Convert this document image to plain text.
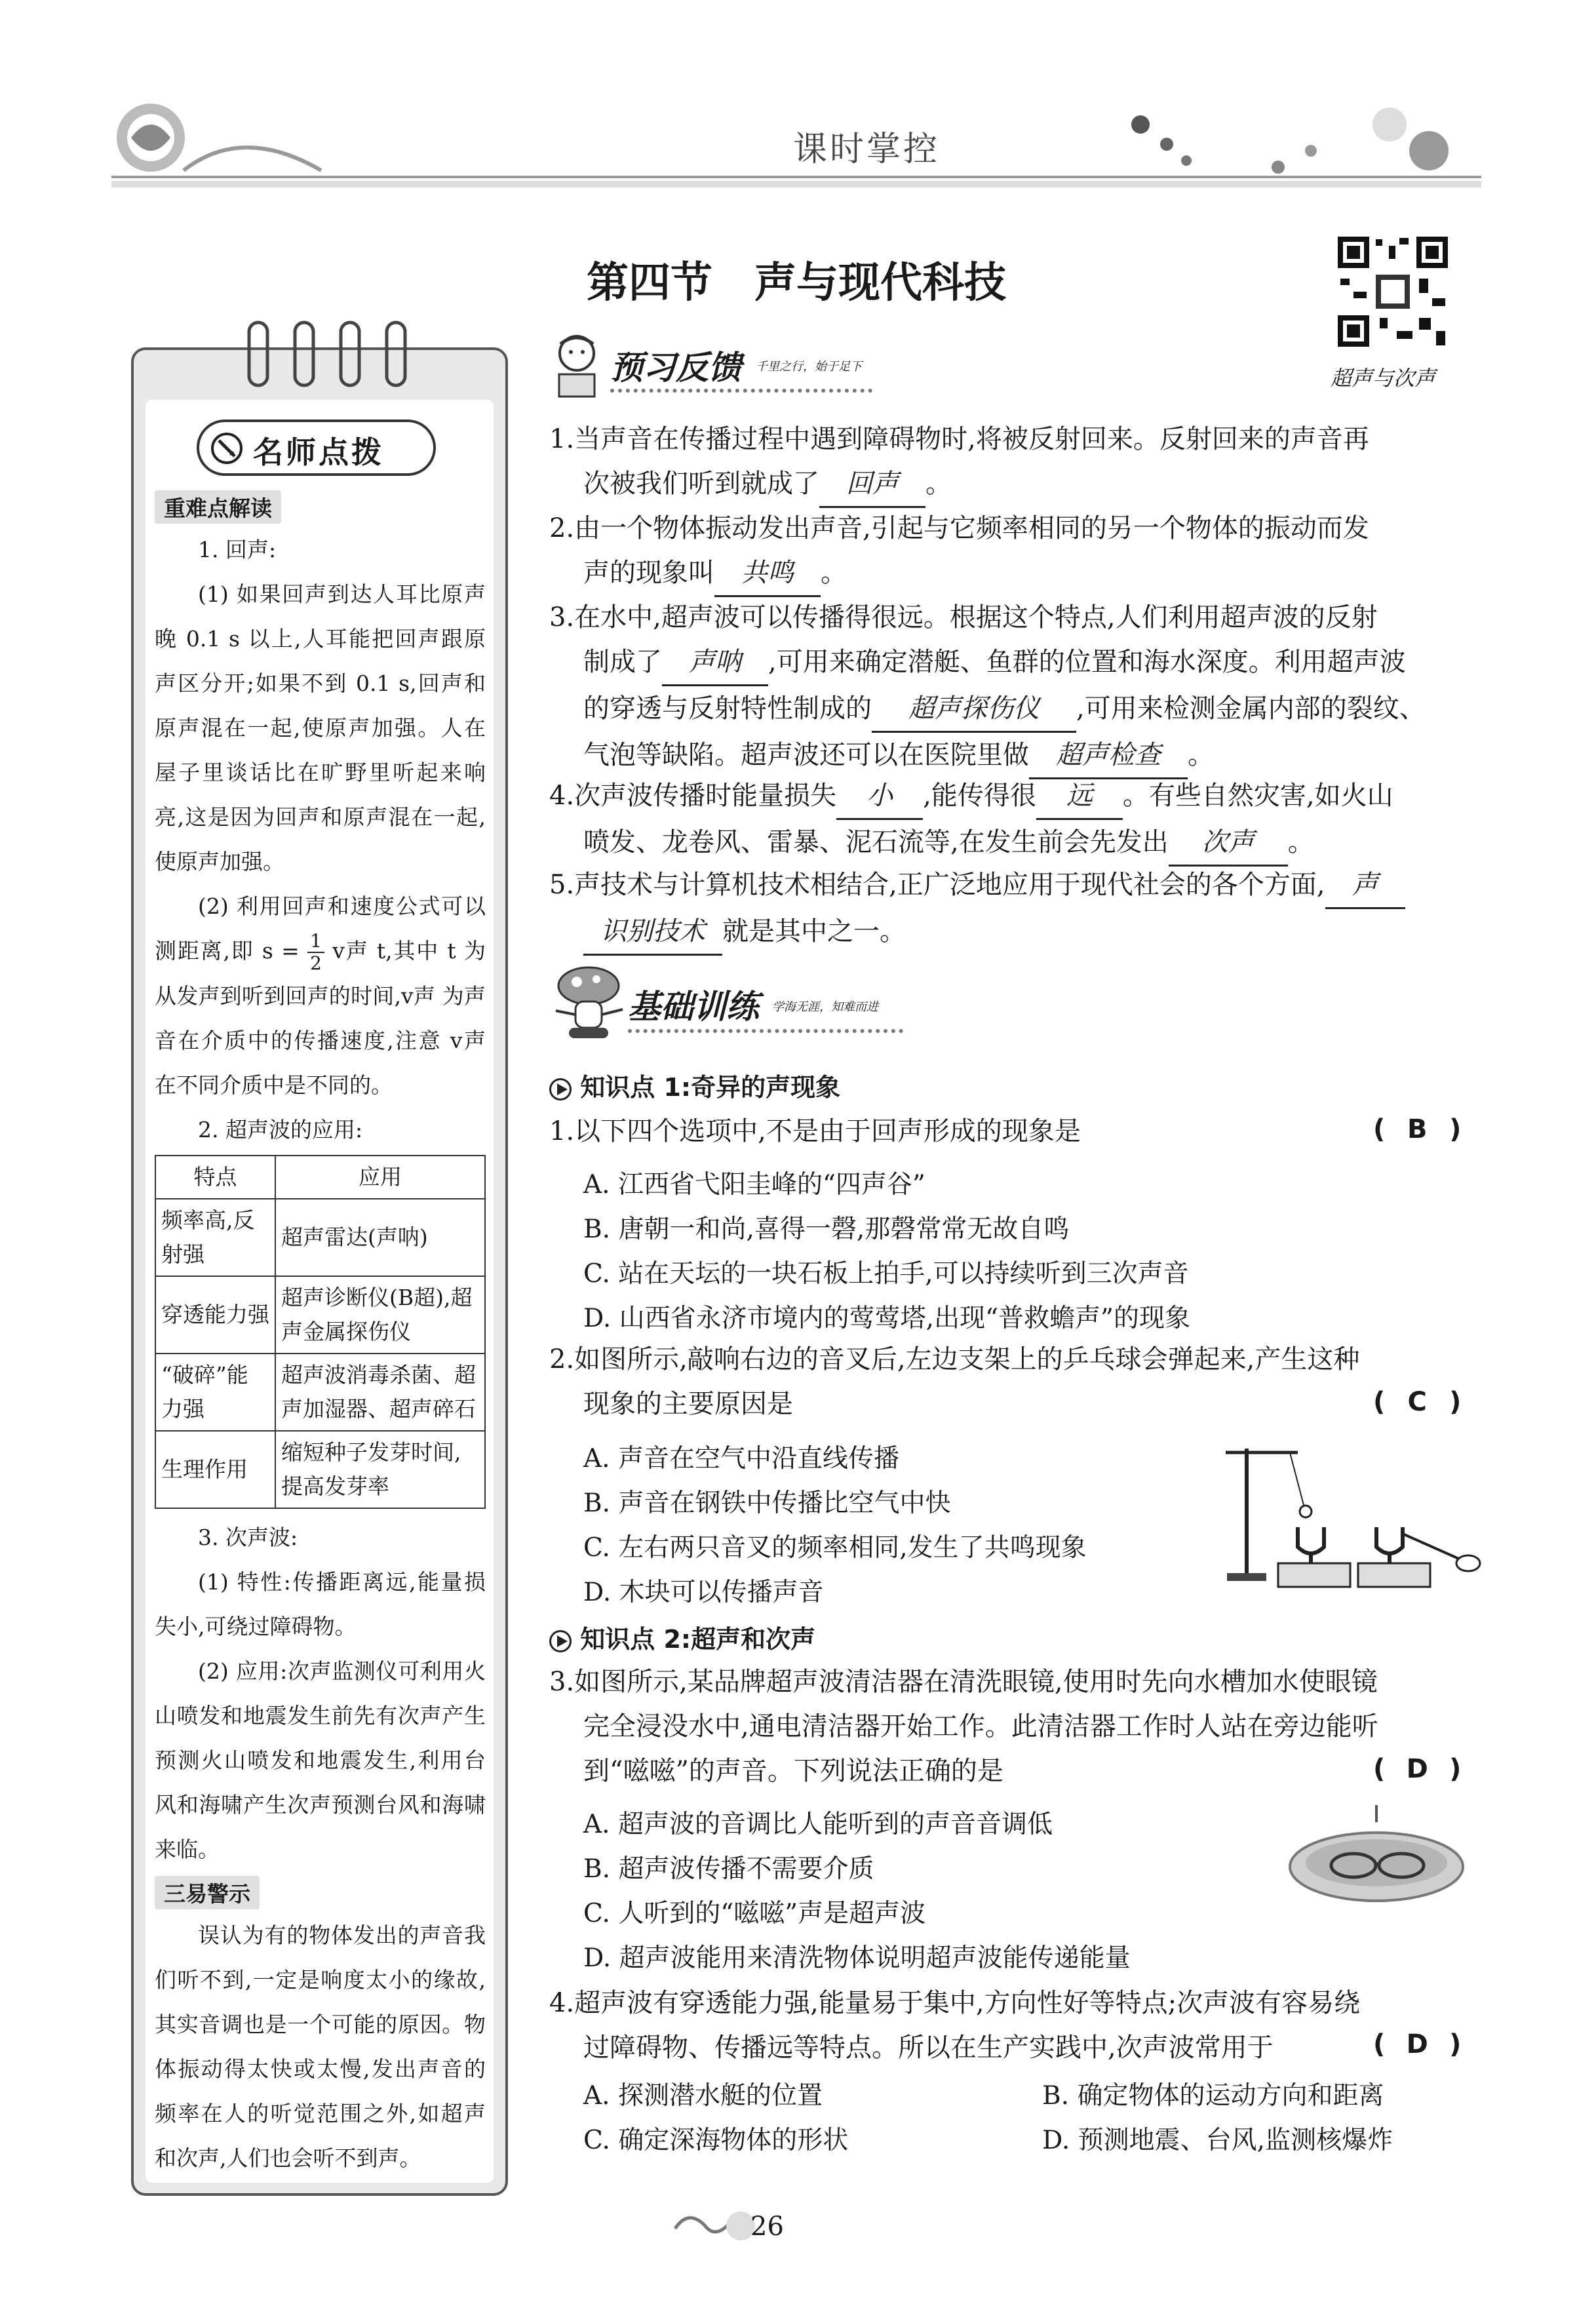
课时掌控
第四节　声与现代科技
超声与次声
名师点拨
重难点解读

1. 回声:

(1) 如果回声到达人耳比原声晚 0.1 s 以上,人耳能把回声跟原声区分开;如果不到 0.1 s,回声和原声混在一起,使原声加强。人在屋子里谈话比在旷野里听起来响亮,这是因为回声和原声混在一起,使原声加强。

(2) 利用回声和速度公式可以测距离,即 $s = \frac{1}{2}$ v声 t,其中 t 为从发声到听到回声的时间,v声 为声音在介质中的传播速度,注意 v声 在不同介质中是不同的。

2. 超声波的应用:

特点	应用
频率高,反射强	超声雷达(声呐)
穿透能力强	超声诊断仪(B超),超声金属探伤仪
“破碎”能力强	超声波消毒杀菌、超声加湿器、超声碎石
生理作用	缩短种子发芽时间,提高发芽率

3. 次声波:

(1) 特性:传播距离远,能量损失小,可绕过障碍物。

(2) 应用:次声监测仪可利用火山喷发和地震发生前先有次声产生预测火山喷发和地震发生,利用台风和海啸产生次声预测台风和海啸来临。

三易警示

误认为有的物体发出的声音我们听不到,一定是响度太小的缘故,其实音调也是一个可能的原因。物体振动得太快或太慢,发出声音的频率在人的听觉范围之外,如超声和次声,人们也会听不到声。

预习反馈 千里之行，始于足下
1.当声音在传播过程中遇到障碍物时,将被反射回来。反射回来的声音再
次被我们听到就成了 回声 。
2.由一个物体振动发出声音,引起与它频率相同的另一个物体的振动而发
声的现象叫 共鸣 。
3.在水中,超声波可以传播得很远。根据这个特点,人们利用超声波的反射
制成了 声呐 ,可用来确定潜艇、鱼群的位置和海水深度。利用超声波
的穿透与反射特性制成的 超声探伤仪 ,可用来检测金属内部的裂纹、
气泡等缺陷。超声波还可以在医院里做 超声检查 。
4.次声波传播时能量损失 小 ,能传得很 远 。有些自然灾害,如火山
喷发、龙卷风、雷暴、泥石流等,在发生前会先发出 次声 。
5.声技术与计算机技术相结合,正广泛地应用于现代社会的各个方面, 声
识别技术 就是其中之一。
基础训练 学海无涯，知难而进
知识点 1:奇异的声现象
1.以下四个选项中,不是由于回声形成的现象是	( B )
A. 江西省弋阳圭峰的“四声谷”
B. 唐朝一和尚,喜得一磬,那磬常常无故自鸣
C. 站在天坛的一块石板上拍手,可以持续听到三次声音
D. 山西省永济市境内的莺莺塔,出现“普救蟾声”的现象
2.如图所示,敲响右边的音叉后,左边支架上的乒乓球会弹起来,产生这种
现象的主要原因是	( C )
A. 声音在空气中沿直线传播
B. 声音在钢铁中传播比空气中快
C. 左右两只音叉的频率相同,发生了共鸣现象
D. 木块可以传播声音
知识点 2:超声和次声
3.如图所示,某品牌超声波清洁器在清洗眼镜,使用时先向水槽加水使眼镜
完全浸没水中,通电清洁器开始工作。此清洁器工作时人站在旁边能听
到“嗞嗞”的声音。下列说法正确的是	( D )
A. 超声波的音调比人能听到的声音音调低
B. 超声波传播不需要介质
C. 人听到的“嗞嗞”声是超声波
D. 超声波能用来清洗物体说明超声波能传递能量
4.超声波有穿透能力强,能量易于集中,方向性好等特点;次声波有容易绕
过障碍物、传播远等特点。所以在生产实践中,次声波常用于	( D )
A. 探测潜水艇的位置	B. 确定物体的运动方向和距离
C. 确定深海物体的形状	D. 预测地震、台风,监测核爆炸
26
